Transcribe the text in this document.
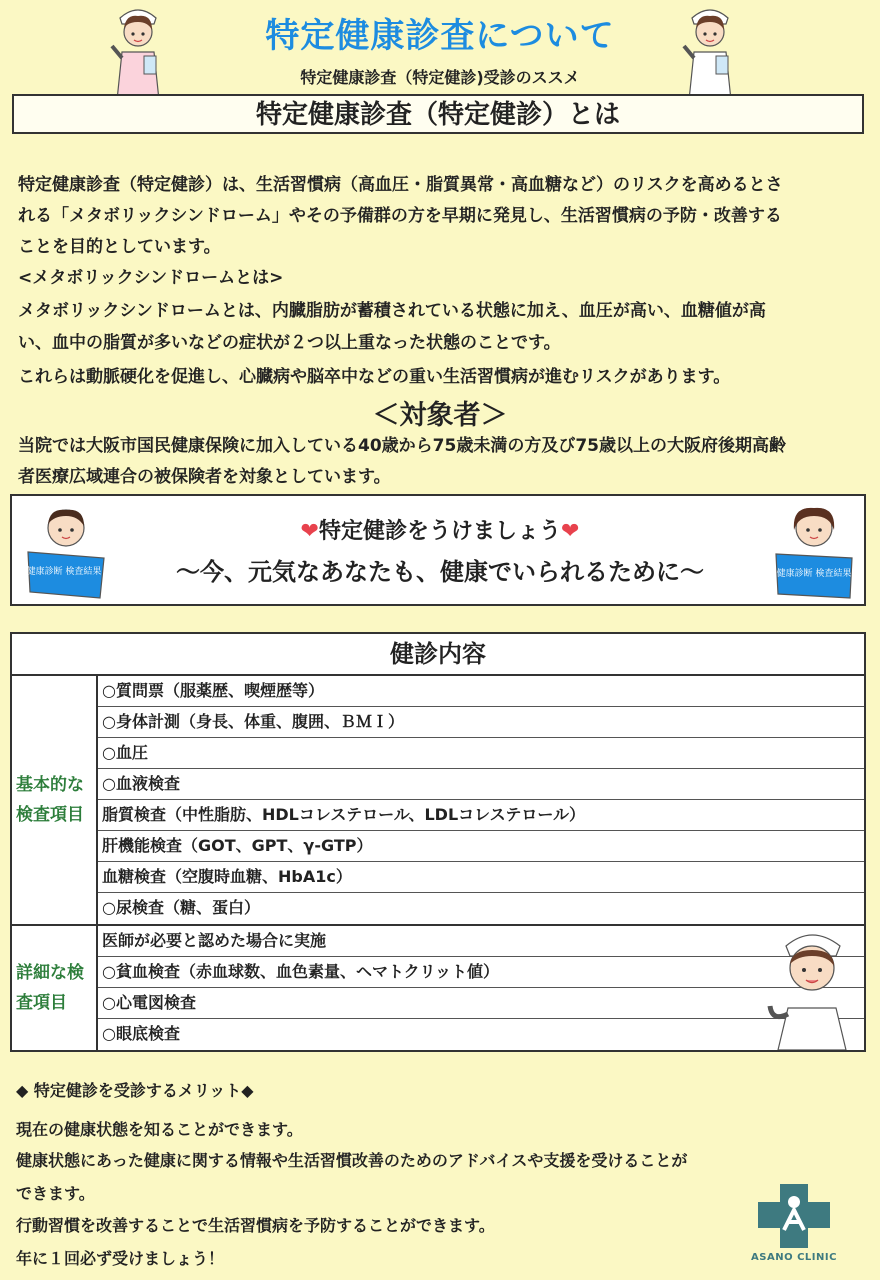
特定健康診査について
特定健康診査（特定健診)受診のススメ
特定健康診査（特定健診）とは
特定健康診査（特定健診）は、生活習慣病（高血圧・脂質異常・高血糖など）のリスクを高めるとさ
れる「メタボリックシンドローム」やその予備群の方を早期に発見し、生活習慣病の予防・改善する
ことを目的としています。
<メタボリックシンドロームとは>
メタボリックシンドロームとは、内臓脂肪が蓄積されている状態に加え、血圧が高い、血糖値が高
い、血中の脂質が多いなどの症状が２つ以上重なった状態のことです。
これらは動脈硬化を促進し、心臓病や脳卒中などの重い生活習慣病が進むリスクがあります。
＜対象者＞
当院では大阪市国民健康保険に加入している40歳から75歳未満の方及び75歳以上の大阪府後期高齢
者医療広域連合の被保険者を対象としています。
健康診断 検査結果
❤特定健診をうけましょう❤
～今、元気なあなたも、健康でいられるために～	健康診断 検査結果
健診内容
基本的な検査項目
詳細な検査項目
○質問票（服薬歴、喫煙歴等）
○身体計測（身長、体重、腹囲、ＢＭＩ）
○血圧
○血液検査
脂質検査（中性脂肪、HDLコレステロール、LDLコレステロール）
肝機能検査（GOT、GPT、γ-GTP）
血糖検査（空腹時血糖、HbA1c）
○尿検査（糖、蛋白）
医師が必要と認めた場合に実施
○貧血検査（赤血球数、血色素量、ヘマトクリット値）
○心電図検査
○眼底検査
◆ 特定健診を受診するメリット◆
現在の健康状態を知ることができます。
健康状態にあった健康に関する情報や生活習慣改善のためのアドバイスや支援を受けることが
できます。
行動習慣を改善することで生活習慣病を予防することができます。
年に１回必ず受けましょう！	ASANO CLINIC
